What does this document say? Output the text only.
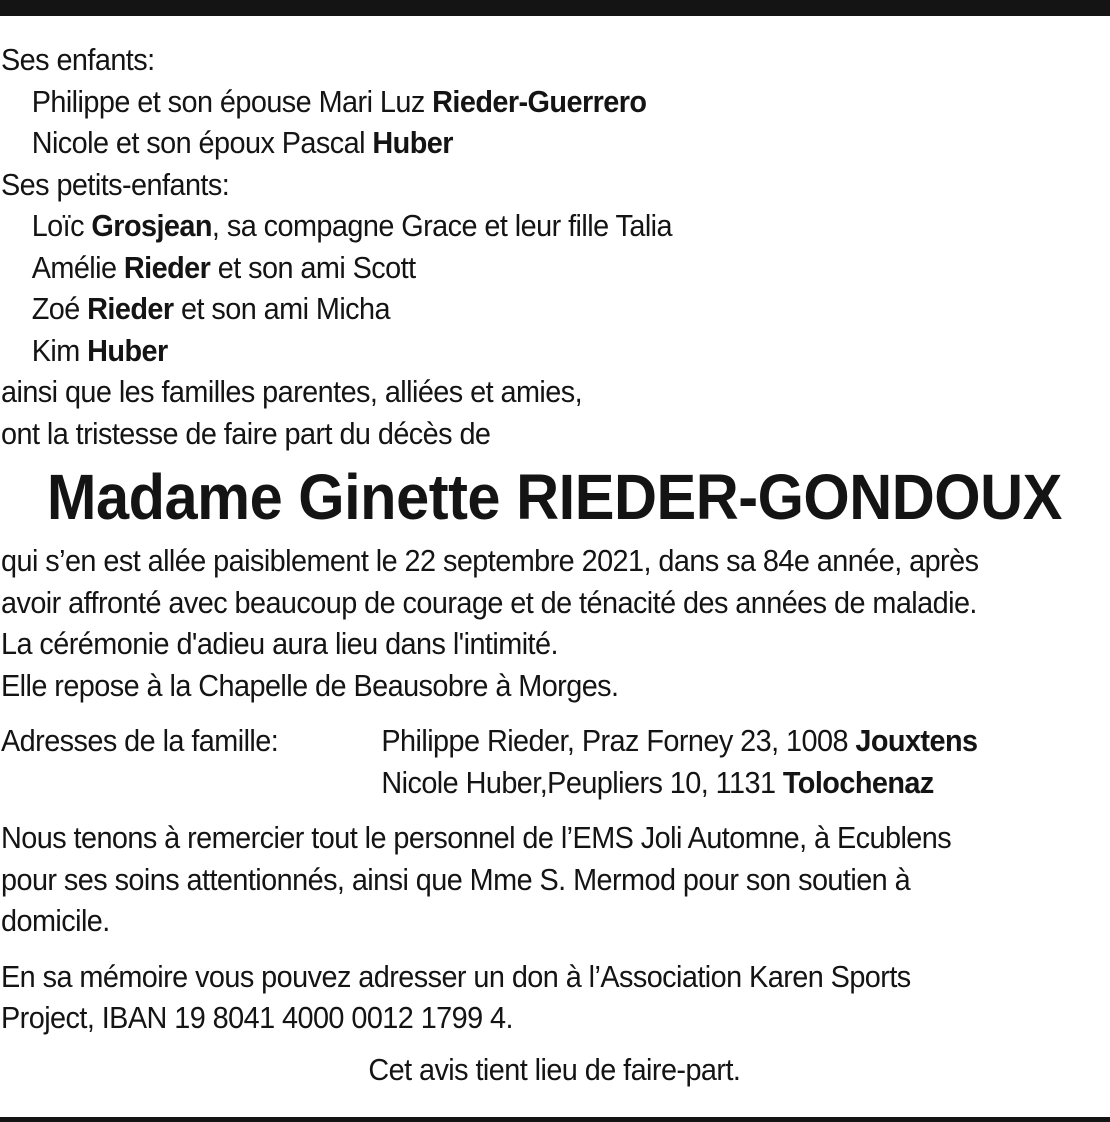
Ses enfants:
Philippe et son épouse Mari Luz Rieder-Guerrero
Nicole et son époux Pascal Huber
Ses petits-enfants:
Loïc Grosjean, sa compagne Grace et leur fille Talia
Amélie Rieder et son ami Scott
Zoé Rieder et son ami Micha
Kim Huber
ainsi que les familles parentes, alliées et amies,
ont la tristesse de faire part du décès de
Madame Ginette RIEDER-GONDOUX
qui s’en est allée paisiblement le 22 septembre 2021, dans sa 84e année, après
avoir affronté avec beaucoup de courage et de ténacité des années de maladie.
La cérémonie d'adieu aura lieu dans l'intimité.
Elle repose à la Chapelle de Beausobre à Morges.
Adresses de la famille:	Philippe Rieder, Praz Forney 23, 1008 Jouxtens
Nicole Huber,Peupliers 10, 1131 Tolochenaz
Nous tenons à remercier tout le personnel de l’EMS Joli Automne, à Ecublens
pour ses soins attentionnés, ainsi que Mme S. Mermod pour son soutien à
domicile.
En sa mémoire vous pouvez adresser un don à l’Association Karen Sports
Project, IBAN 19 8041 4000 0012 1799 4.
Cet avis tient lieu de faire-part.
